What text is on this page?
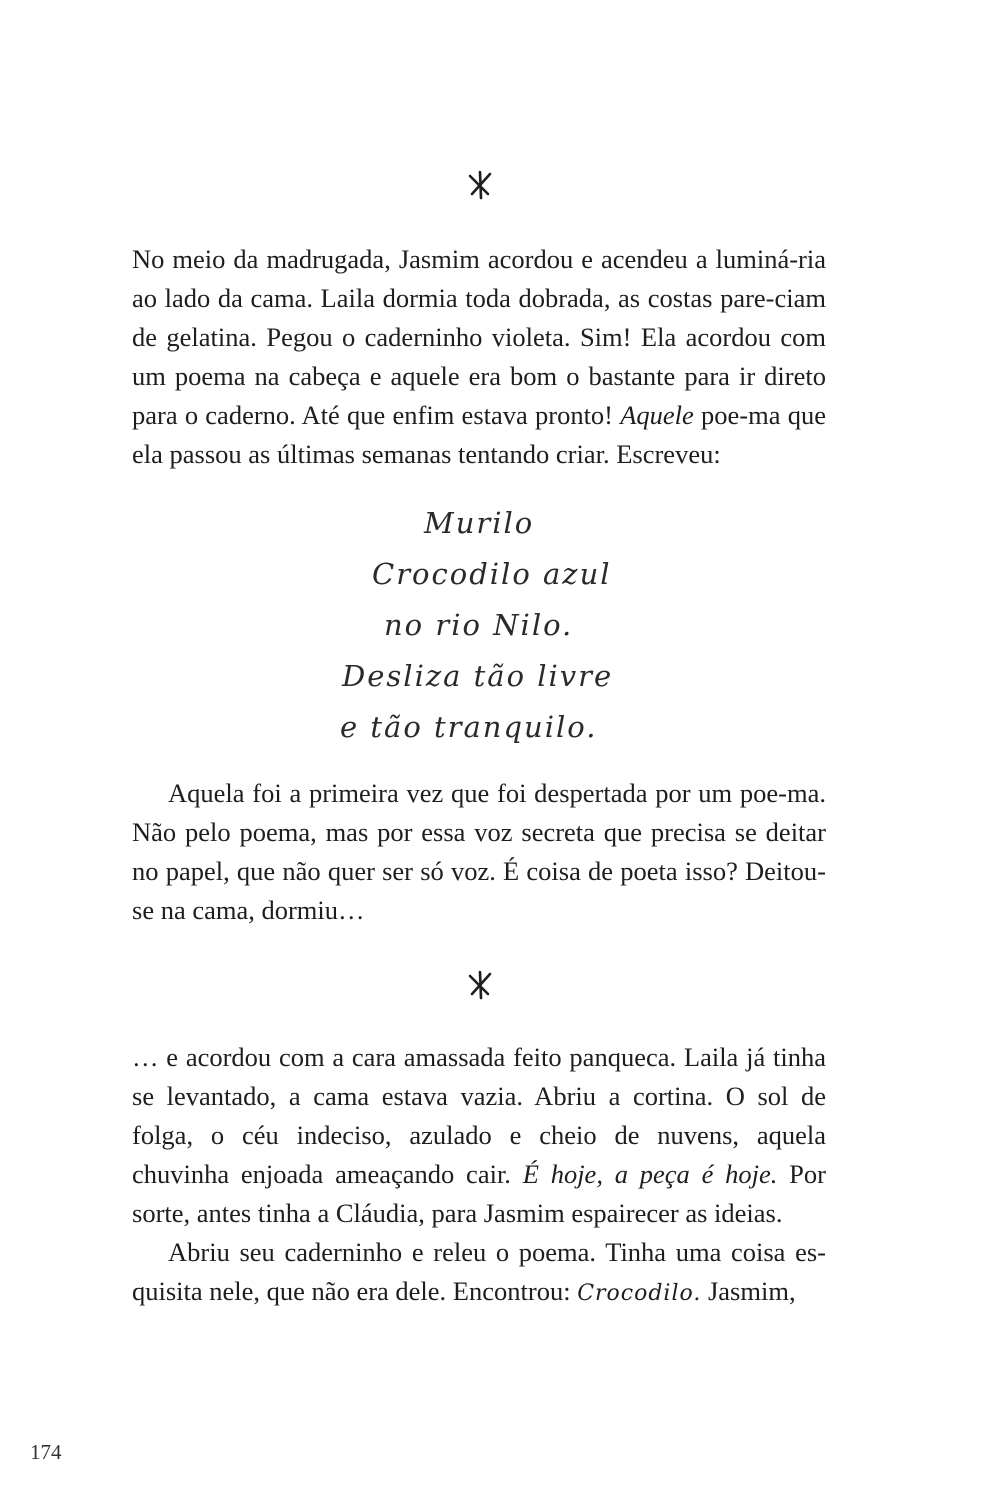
No meio da madrugada, Jasmim acordou e acendeu a luminá-ria ao lado da cama. Laila dormia toda dobrada, as costas pare-ciam de gelatina. Pegou o caderninho violeta. Sim! Ela acordou com um poema na cabeça e aquele era bom o bastante para ir direto para o caderno. Até que enfim estava pronto! Aquele poe-ma que ela passou as últimas semanas tentando criar. Escreveu:

Murilo
Crocodilo azul
no rio Nilo.
Desliza tão livre
e tão tranquilo.

Aquela foi a primeira vez que foi despertada por um poe-ma. Não pelo poema, mas por essa voz secreta que precisa se deitar no papel, que não quer ser só voz. É coisa de poeta isso? Deitou-se na cama, dormiu…

… e acordou com a cara amassada feito panqueca. Laila já tinha se levantado, a cama estava vazia. Abriu a cortina. O sol de folga, o céu indeciso, azulado e cheio de nuvens, aquela chuvinha enjoada ameaçando cair. É hoje, a peça é hoje. Por sorte, antes tinha a Cláudia, para Jasmim espairecer as ideias.

Abriu seu caderninho e releu o poema. Tinha uma coisa es-quisita nele, que não era dele. Encontrou: Crocodilo. Jasmim,

174
